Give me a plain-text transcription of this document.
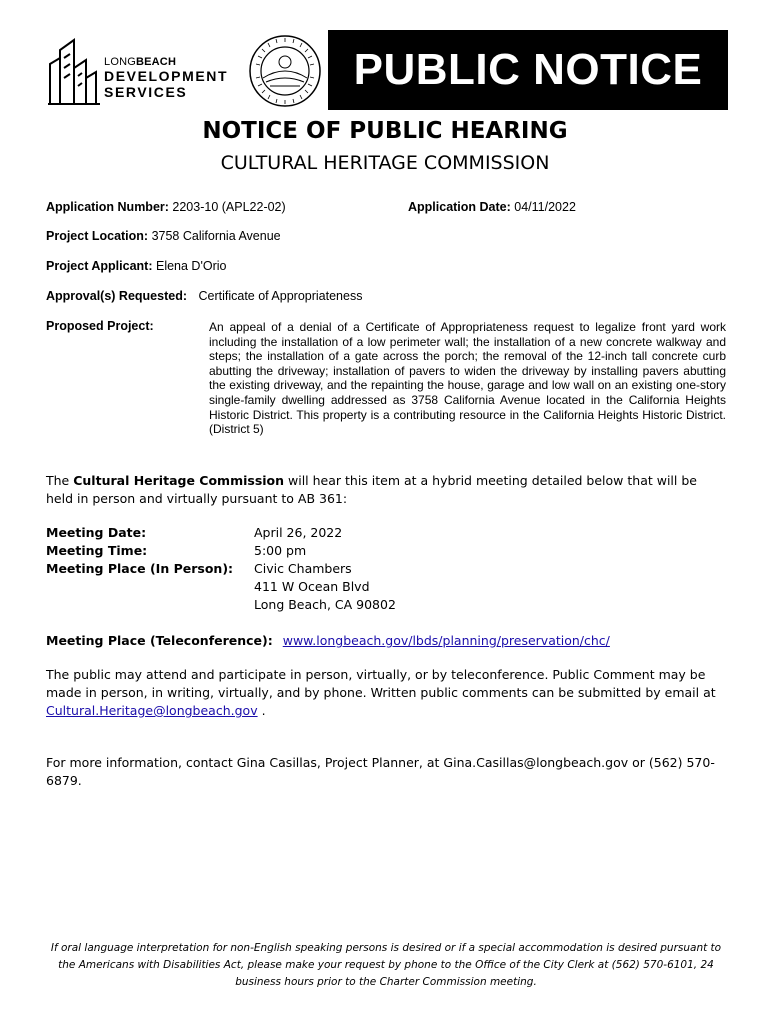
LONGBEACH
DEVELOPMENT
SERVICES	PUBLIC NOTICE
NOTICE OF PUBLIC HEARING
CULTURAL HERITAGE COMMISSION
Application Number: 2203-10 (APL22-02)	Application Date: 04/11/2022
Project Location: 3758 California Avenue
Project Applicant: Elena D'Orio
Approval(s) Requested: Certificate of Appropriateness
Proposed Project:	An appeal of a denial of a Certificate of Appropriateness request to legalize front yard work including the installation of a low perimeter wall; the installation of a new concrete walkway and steps; the installation of a gate across the porch; the removal of the 12-inch tall concrete curb abutting the driveway; installation of pavers to widen the driveway by installing pavers abutting the existing driveway, and the repainting the house, garage and low wall on an existing one-story single-family dwelling addressed as 3758 California Avenue located in the California Heights Historic District. This property is a contributing resource in the California Heights Historic District. (District 5)
The Cultural Heritage Commission will hear this item at a hybrid meeting detailed below that will be held in person and virtually pursuant to AB 361:
Meeting Date:	April 26, 2022
Meeting Time:	5:00 pm
Meeting Place (In Person): Civic Chambers
411 W Ocean Blvd
Long Beach, CA 90802
Meeting Place (Teleconference): www.longbeach.gov/lbds/planning/preservation/chc/
The public may attend and participate in person, virtually, or by teleconference. Public Comment may be made in person, in writing, virtually, and by phone. Written public comments can be submitted by email at
Cultural.Heritage@longbeach.gov .
For more information, contact Gina Casillas, Project Planner, at Gina.Casillas@longbeach.gov or (562) 570-6879.
If oral language interpretation for non-English speaking persons is desired or if a special accommodation is desired pursuant to the Americans with Disabilities Act, please make your request by phone to the Office of the City Clerk at (562) 570-6101, 24 business hours prior to the Charter Commission meeting.
